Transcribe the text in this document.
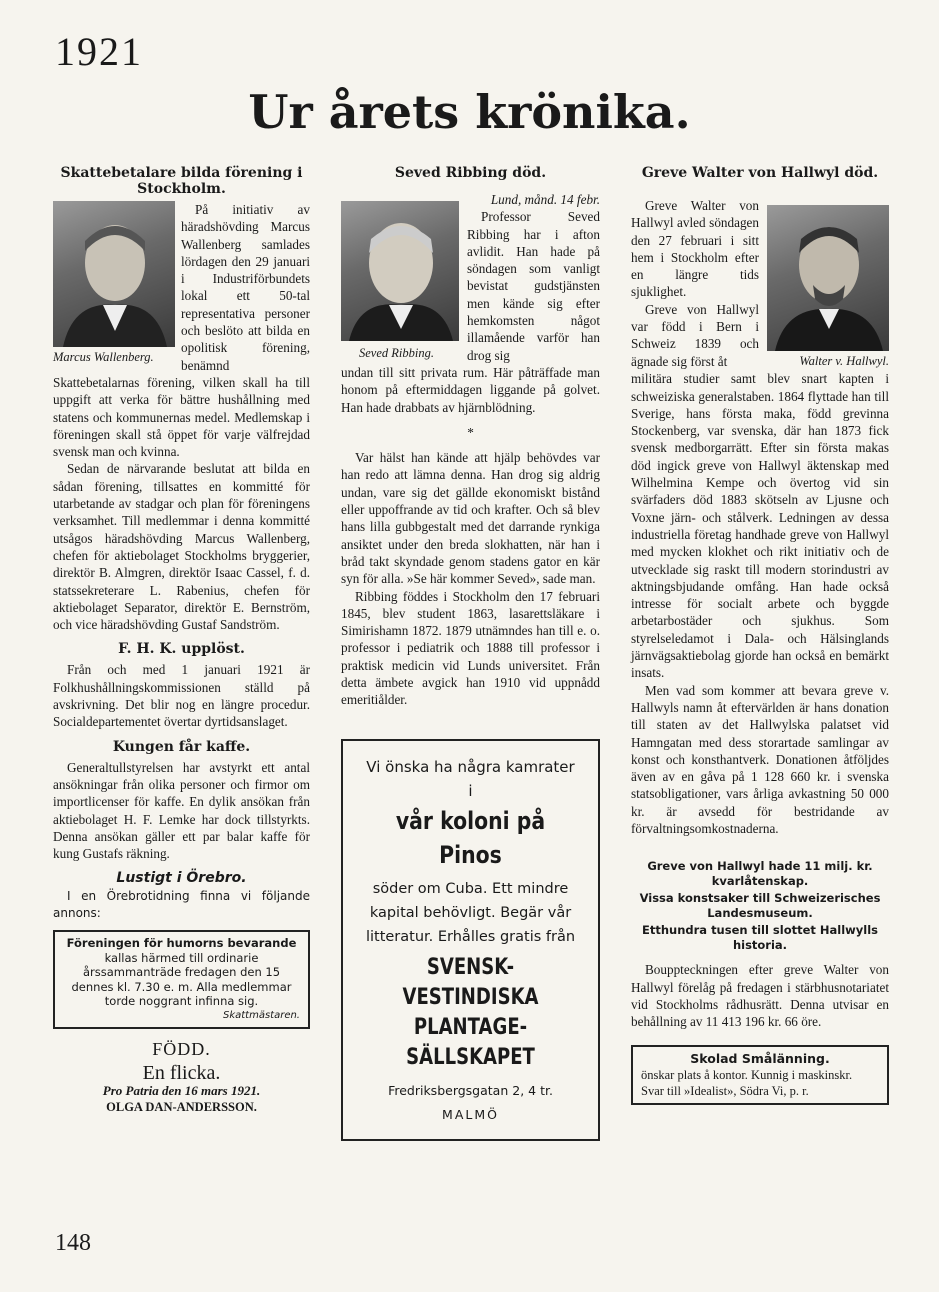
1921
Ur årets krönika.
Skattebetalare bilda förening i Stockholm.
Marcus Wallenberg.

På initiativ av häradshövding Marcus Wallenberg samlades lördagen den 29 januari i Industriförbundets lokal ett 50-tal representativa personer och beslöto att bilda en opolitisk förening, benämnd

Skattebetalarnas förening, vilken skall ha till uppgift att verka för bättre hushållning med statens och kommunernas medel. Medlemskap i föreningen skall stå öppet för varje välfrejdad svensk man och kvinna.

Sedan de närvarande beslutat att bilda en sådan förening, tillsattes en kommitté för utarbetande av stadgar och plan för föreningens verksamhet. Till medlemmar i denna kommitté utsågos häradshövding Marcus Wallenberg, chefen för aktiebolaget Stockholms bryggerier, direktör B. Almgren, direktör Isaac Cassel, f. d. statssekreterare L. Rabenius, chefen för aktiebolaget Separator, direktör E. Bernström, och vice häradshövding Gustaf Sandström.

F. H. K. upplöst.

Från och med 1 januari 1921 är Folkhushållningskommissionen ställd på avskrivning. Det blir nog en längre procedur. Socialdepartementet övertar dyrtidsanslaget.

Kungen får kaffe.

Generaltullstyrelsen har avstyrkt ett antal ansökningar från olika personer och firmor om importlicenser för kaffe. En dylik ansökan från aktiebolaget H. F. Lemke har dock tillstyrkts. Denna ansökan gäller ett par balar kaffe för kung Gustafs räkning.

Lustigt i Örebro.

I en Örebrotidning finna vi följande annons:

Föreningen för humorns bevarande
kallas härmed till ordinarie årssammanträde fredagen den 15 dennes kl. 7.30 e. m. Alla medlemmar torde noggrant infinna sig.
Skattmästaren.
FÖDD.
En flicka.
Pro Patria den 16 mars 1921.
OLGA DAN-ANDERSSON.
Seved Ribbing död.
Seved Ribbing.
Lund, månd. 14 febr.

Professor Seved Ribbing har i afton avlidit. Han hade på söndagen som vanligt bevistat gudstjänsten men kände sig efter hemkomsten något illamående varför han drog sig

undan till sitt privata rum. Här påträffade man honom på eftermiddagen liggande på golvet. Han hade drabbats av hjärnblödning.

*

Var hälst han kände att hjälp behövdes var han redo att lämna denna. Han drog sig aldrig undan, vare sig det gällde ekonomiskt bistånd eller uppoffrande av tid och krafter. Och så blev hans lilla gubbgestalt med det darrande rynkiga ansiktet under den breda slokhatten, när han i bråd takt skyndade genom stadens gator en kär syn för alla. »Se här kommer Seved», sade man.

Ribbing föddes i Stockholm den 17 februari 1845, blev student 1863, lasarettsläkare i Simirishamn 1872. 1879 utnämndes han till e. o. professor i pediatrik och 1888 till professor i praktisk medicin vid Lunds universitet. Från detta ämbete avgick han 1910 vid uppnådd emeritiålder.

Vi önska ha några kamrater
i
vår koloni på
Pinos
söder om Cuba. Ett mindre kapital behövligt. Begär vår litteratur. Erhålles gratis från
SVENSK-VESTINDISKA
PLANTAGE-SÄLLSKAPET
Fredriksbergsgatan 2, 4 tr.
MALMÖ
Greve Walter von Hallwyl död.

Greve Walter von Hallwyl avled söndagen den 27 februari i sitt hem i Stockholm efter en längre tids sjuklighet.

Greve von Hallwyl var född i Bern i Schweiz 1839 och ägnade sig först åt	Walter v. Hallwyl.

militära studier samt blev snart kapten i schweiziska generalstaben. 1864 flyttade han till Sverige, hans första maka, född grevinna Stockenberg, var svenska, där han 1873 fick svensk medborgarrätt. Efter sin första makas död ingick greve von Hallwyl äktenskap med Wilhelmina Kempe och övertog vid sin svärfaders död 1883 skötseln av Ljusne och Voxne järn- och stålverk. Ledningen av dessa industriella företag handhade greve von Hallwyl med mycken klokhet och rikt initiativ och de utvecklade sig raskt till modern storindustri av aktningsbjudande omfång. Han hade också intresse för socialt arbete och byggde arbetarbostäder och sjukhus. Som styrelseledamot i Dala- och Hälsinglands järnvägsaktiebolag gjorde han också en bemärkt insats.

Men vad som kommer att bevara greve v. Hallwyls namn åt eftervärlden är hans donation till staten av det Hallwylska palatset vid Hamngatan med dess storartade samlingar av konst och konsthantverk. Donationen åtföljdes även av en gåva på 1 128 660 kr. i svenska statsobligationer, vars årliga avkastning 50 000 kr. är avsedd för bestridande av förvaltningsomkostnaderna.

Greve von Hallwyl hade 11 milj. kr. kvarlåtenskap.
Vissa konstsaker till Schweizerisches Landesmuseum.
Etthundra tusen till slottet Hallwylls historia.

Bouppteckningen efter greve Walter von Hallwyl förelåg på fredagen i stärbhusnotariatet vid Stockholms rådhusrätt. Denna utvisar en behållning av 11 413 196 kr. 66 öre.

Skolad Smålänning.
önskar plats å kontor. Kunnig i maskinskr.
Svar till »Idealist», Södra Vi, p. r.
148
